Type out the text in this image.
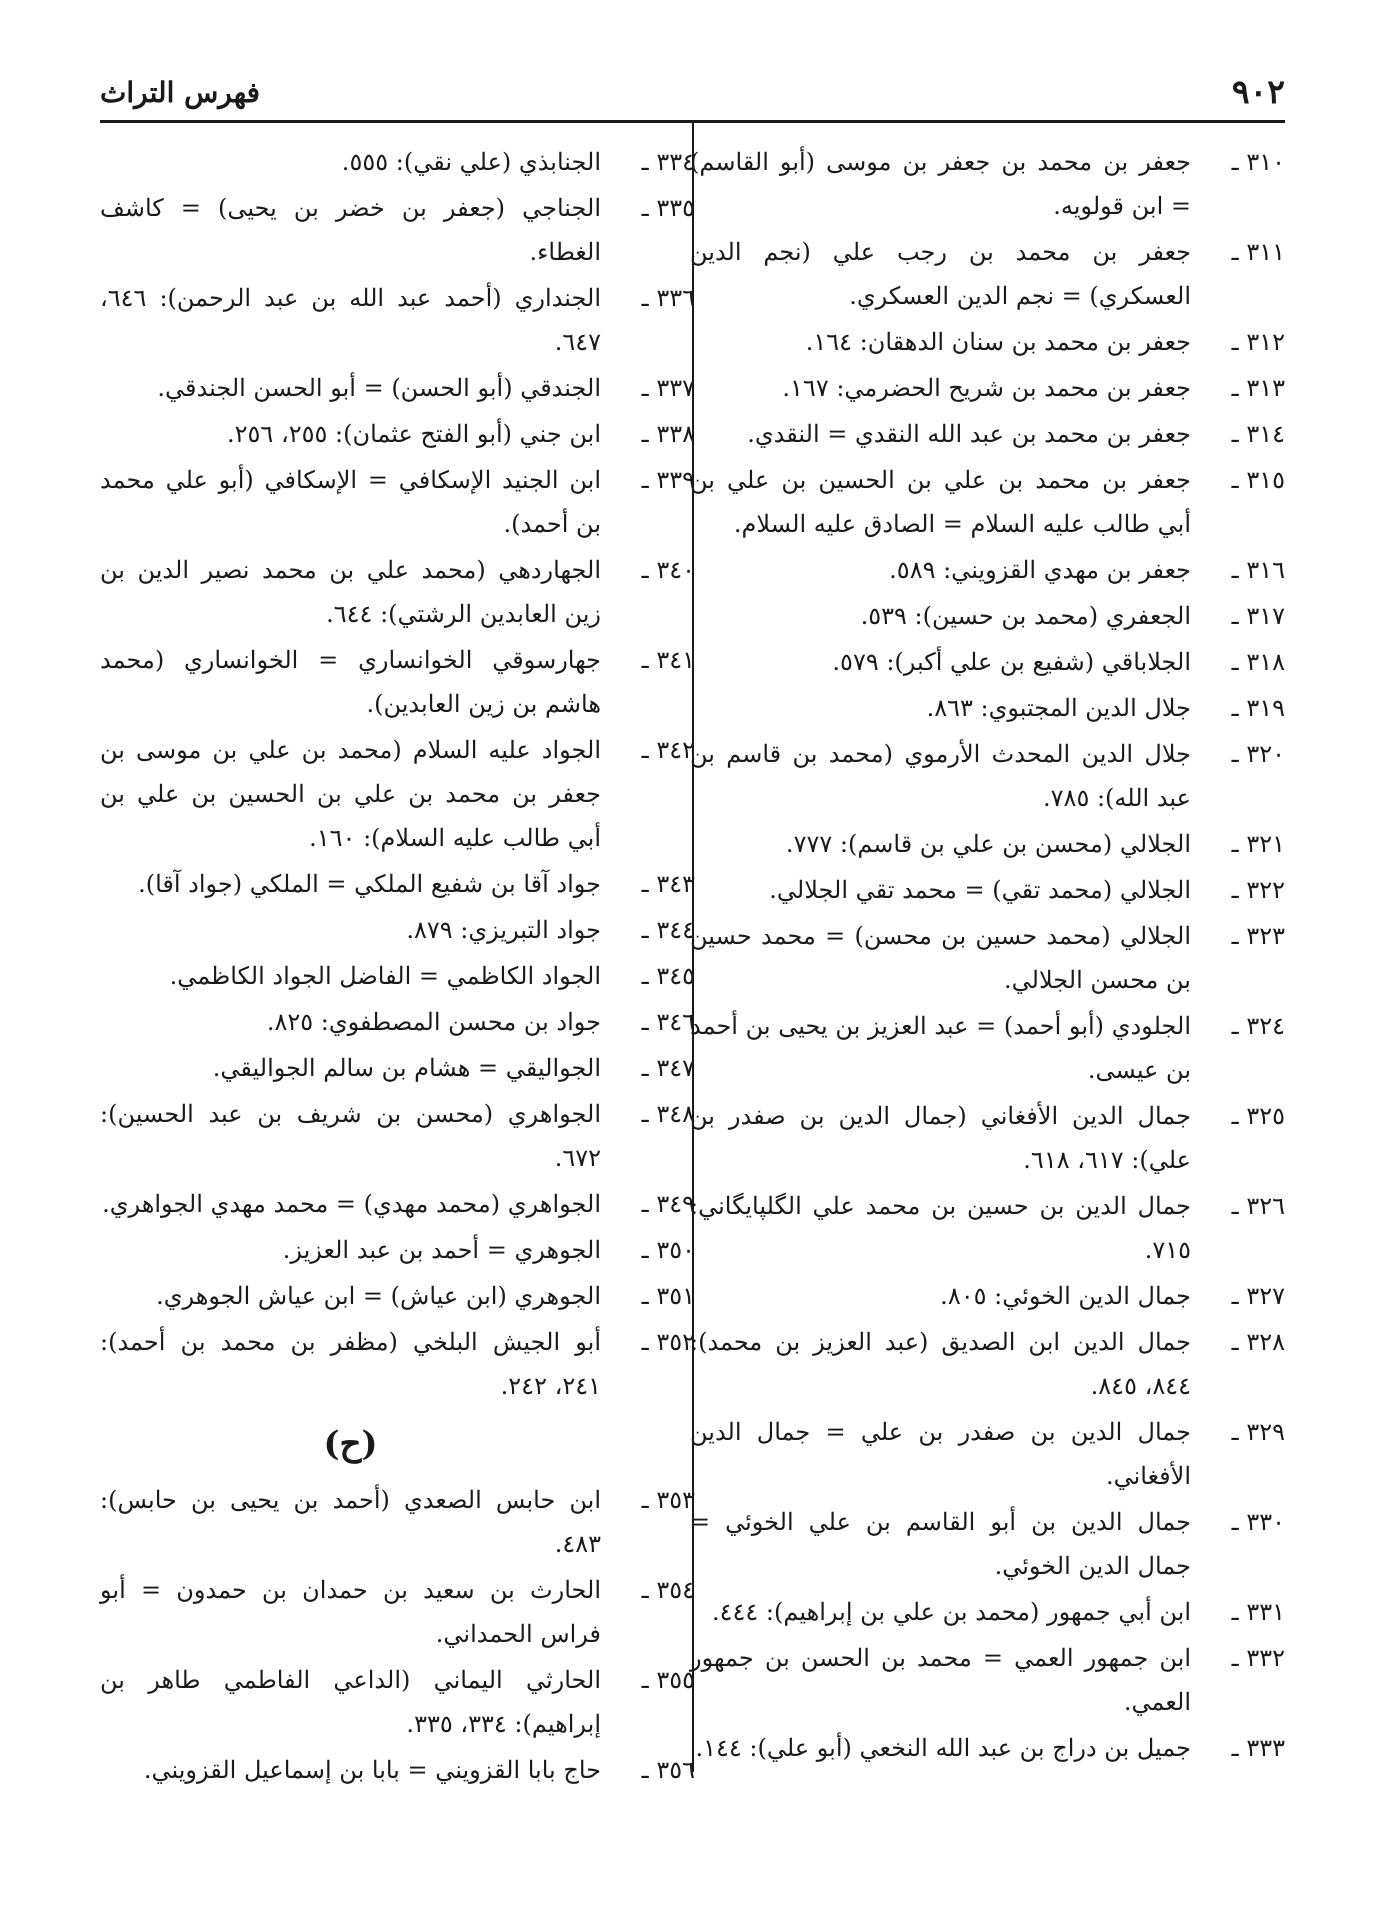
٩٠٢
فهرس التراث
٣١٠ ـ
جعفر بن محمد بن جعفر بن موسى (أبو القاسم) = ابن قولويه.
٣١١ ـ
جعفر بن محمد بن رجب علي (نجم الدين العسكري) = نجم الدين العسكري.
٣١٢ ـ
جعفر بن محمد بن سنان الدهقان: ١٦٤.
٣١٣ ـ
جعفر بن محمد بن شريح الحضرمي: ١٦٧.
٣١٤ ـ
جعفر بن محمد بن عبد الله النقدي = النقدي.
٣١٥ ـ
جعفر بن محمد بن علي بن الحسين بن علي بن أبي طالب عليه السلام = الصادق عليه السلام.
٣١٦ ـ
جعفر بن مهدي القزويني: ٥٨٩.
٣١٧ ـ
الجعفري (محمد بن حسين): ٥٣٩.
٣١٨ ـ
الجلاباقي (شفيع بن علي أكبر): ٥٧٩.
٣١٩ ـ
جلال الدين المجتبوي: ٨٦٣.
٣٢٠ ـ
جلال الدين المحدث الأرموي (محمد بن قاسم بن عبد الله): ٧٨٥.
٣٢١ ـ
الجلالي (محسن بن علي بن قاسم): ٧٧٧.
٣٢٢ ـ
الجلالي (محمد تقي) = محمد تقي الجلالي.
٣٢٣ ـ
الجلالي (محمد حسين بن محسن) = محمد حسين بن محسن الجلالي.
٣٢٤ ـ
الجلودي (أبو أحمد) = عبد العزيز بن يحيى بن أحمد بن عيسى.
٣٢٥ ـ
جمال الدين الأفغاني (جمال الدين بن صفدر بن علي): ٦١٧، ٦١٨.
٣٢٦ ـ
جمال الدين بن حسين بن محمد علي الگلپايگاني: ٧١٥.
٣٢٧ ـ
جمال الدين الخوئي: ٨٠٥.
٣٢٨ ـ
جمال الدين ابن الصديق (عبد العزيز بن محمد): ٨٤٤، ٨٤٥.
٣٢٩ ـ
جمال الدين بن صفدر بن علي = جمال الدين الأفغاني.
٣٣٠ ـ
جمال الدين بن أبو القاسم بن علي الخوئي = جمال الدين الخوئي.
٣٣١ ـ
ابن أبي جمهور (محمد بن علي بن إبراهيم): ٤٤٤.
٣٣٢ ـ
ابن جمهور العمي = محمد بن الحسن بن جمهور العمي.
٣٣٣ ـ
جميل بن دراج بن عبد الله النخعي (أبو علي): ١٤٤.
٣٣٤ ـ
الجنابذي (علي نقي): ٥٥٥.
٣٣٥ ـ
الجناجي (جعفر بن خضر بن يحيى) = كاشف الغطاء.
٣٣٦ ـ
الجنداري (أحمد عبد الله بن عبد الرحمن): ٦٤٦، ٦٤٧.
٣٣٧ ـ
الجندقي (أبو الحسن) = أبو الحسن الجندقي.
٣٣٨ ـ
ابن جني (أبو الفتح عثمان): ٢٥٥، ٢٥٦.
٣٣٩ ـ
ابن الجنيد الإسكافي = الإسكافي (أبو علي محمد بن أحمد).
٣٤٠ ـ
الجهاردهي (محمد علي بن محمد نصير الدين بن زين العابدين الرشتي): ٦٤٤.
٣٤١ ـ
جهارسوقي الخوانساري = الخوانساري (محمد هاشم بن زين العابدين).
٣٤٢ ـ
الجواد عليه السلام (محمد بن علي بن موسى بن جعفر بن محمد بن علي بن الحسين بن علي بن أبي طالب عليه السلام): ١٦٠.
٣٤٣ ـ
جواد آقا بن شفيع الملكي = الملكي (جواد آقا).
٣٤٤ ـ
جواد التبريزي: ٨٧٩.
٣٤٥ ـ
الجواد الكاظمي = الفاضل الجواد الكاظمي.
٣٤٦ ـ
جواد بن محسن المصطفوي: ٨٢٥.
٣٤٧ ـ
الجواليقي = هشام بن سالم الجواليقي.
٣٤٨ ـ
الجواهري (محسن بن شريف بن عبد الحسين): ٦٧٢.
٣٤٩ ـ
الجواهري (محمد مهدي) = محمد مهدي الجواهري.
٣٥٠ ـ
الجوهري = أحمد بن عبد العزيز.
٣٥١ ـ
الجوهري (ابن عياش) = ابن عياش الجوهري.
٣٥٢ ـ
أبو الجيش البلخي (مظفر بن محمد بن أحمد): ٢٤١، ٢٤٢.
(ح)
٣٥٣ ـ
ابن حابس الصعدي (أحمد بن يحيى بن حابس): ٤٨٣.
٣٥٤ ـ
الحارث بن سعيد بن حمدان بن حمدون = أبو فراس الحمداني.
٣٥٥ ـ
الحارثي اليماني (الداعي الفاطمي طاهر بن إبراهيم): ٣٣٤، ٣٣٥.
٣٥٦ ـ
حاج بابا القزويني = بابا بن إسماعيل القزويني.
